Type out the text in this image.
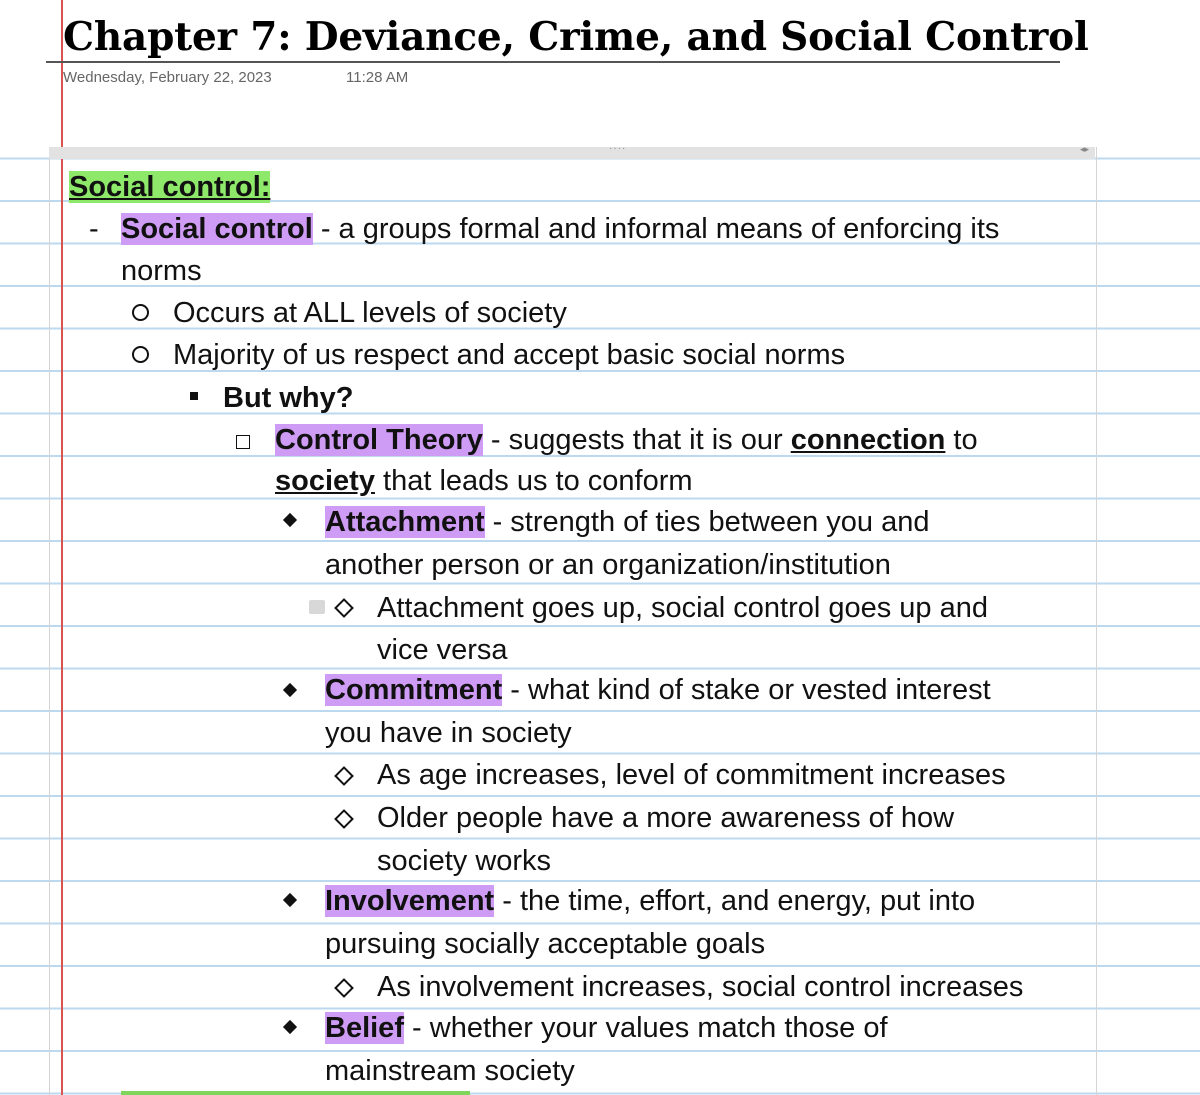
Chapter 7: Deviance, Crime, and Social Control
Wednesday, February 22, 2023	11:28 AM
····	◂▸
Social control:
- Social control - a groups formal and informal means of enforcing its
norms
Occurs at ALL levels of society
Majority of us respect and accept basic social norms
But why?
Control Theory - suggests that it is our connection to
society that leads us to conform
Attachment - strength of ties between you and
another person or an organization/institution
Attachment goes up, social control goes up and
vice versa
Commitment - what kind of stake or vested interest
you have in society
As age increases, level of commitment increases
Older people have a more awareness of how
society works
Involvement - the time, effort, and energy, put into
pursuing socially acceptable goals
As involvement increases, social control increases
Belief - whether your values match those of
mainstream society
